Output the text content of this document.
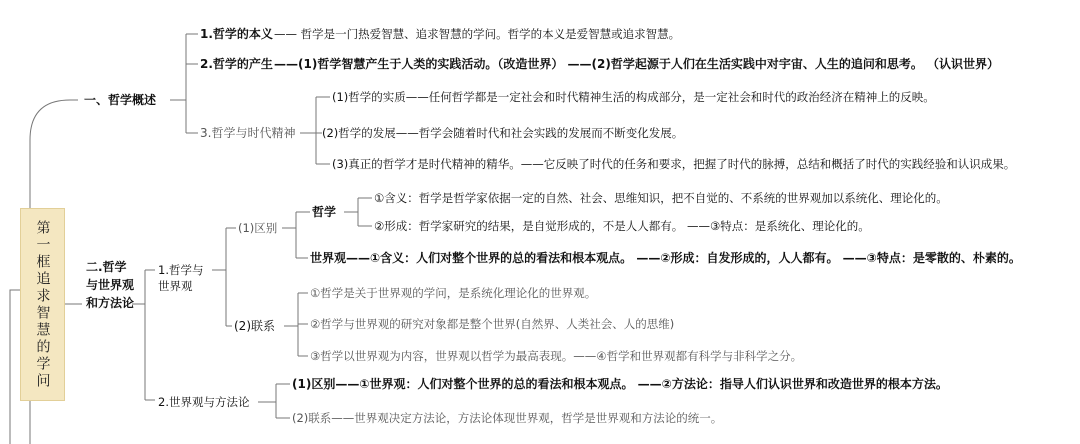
第一框追求智慧的学问
一、哲学概述
1.哲学的本义 —— 哲学是一门热爱智慧、追求智慧的学问。哲学的本义是爱智慧或追求智慧。
2.哲学的产生 ——(1)哲学智慧产生于人类的实践活动。（改造世界） ——(2)哲学起源于人们在生活实践中对宇宙、人生的追问和思考。 （认识世界）
3.哲学与时代精神
(1)哲学的实质——任何哲学都是一定社会和时代精神生活的构成部分，是一定社会和时代的政治经济在精神上的反映。
(2)哲学的发展——哲学会随着时代和社会实践的发展而不断变化发展。
(3)真正的哲学才是时代精神的精华。——它反映了时代的任务和要求，把握了时代的脉搏，总结和概括了时代的实践经验和认识成果。
二.哲学与世界观和方法论
1.哲学与世界观
(1)区别
哲学
①含义：哲学是哲学家依据一定的自然、社会、思维知识，把不自觉的、不系统的世界观加以系统化、理论化的。
②形成：哲学家研究的结果，是自觉形成的，不是人人都有。 ——③特点：是系统化、理论化的。
世界观——①含义：人们对整个世界的总的看法和根本观点。 ——②形成：自发形成的，人人都有。 ——③特点：是零散的、朴素的。
(2)联系
①哲学是关于世界观的学问，是系统化理论化的世界观。
②哲学与世界观的研究对象都是整个世界(自然界、人类社会、人的思维)
③哲学以世界观为内容，世界观以哲学为最高表现。——④哲学和世界观都有科学与非科学之分。
2.世界观与方法论
(1)区别——①世界观：人们对整个世界的总的看法和根本观点。 ——②方法论：指导人们认识世界和改造世界的根本方法。
(2)联系——世界观决定方法论，方法论体现世界观，哲学是世界观和方法论的统一。
